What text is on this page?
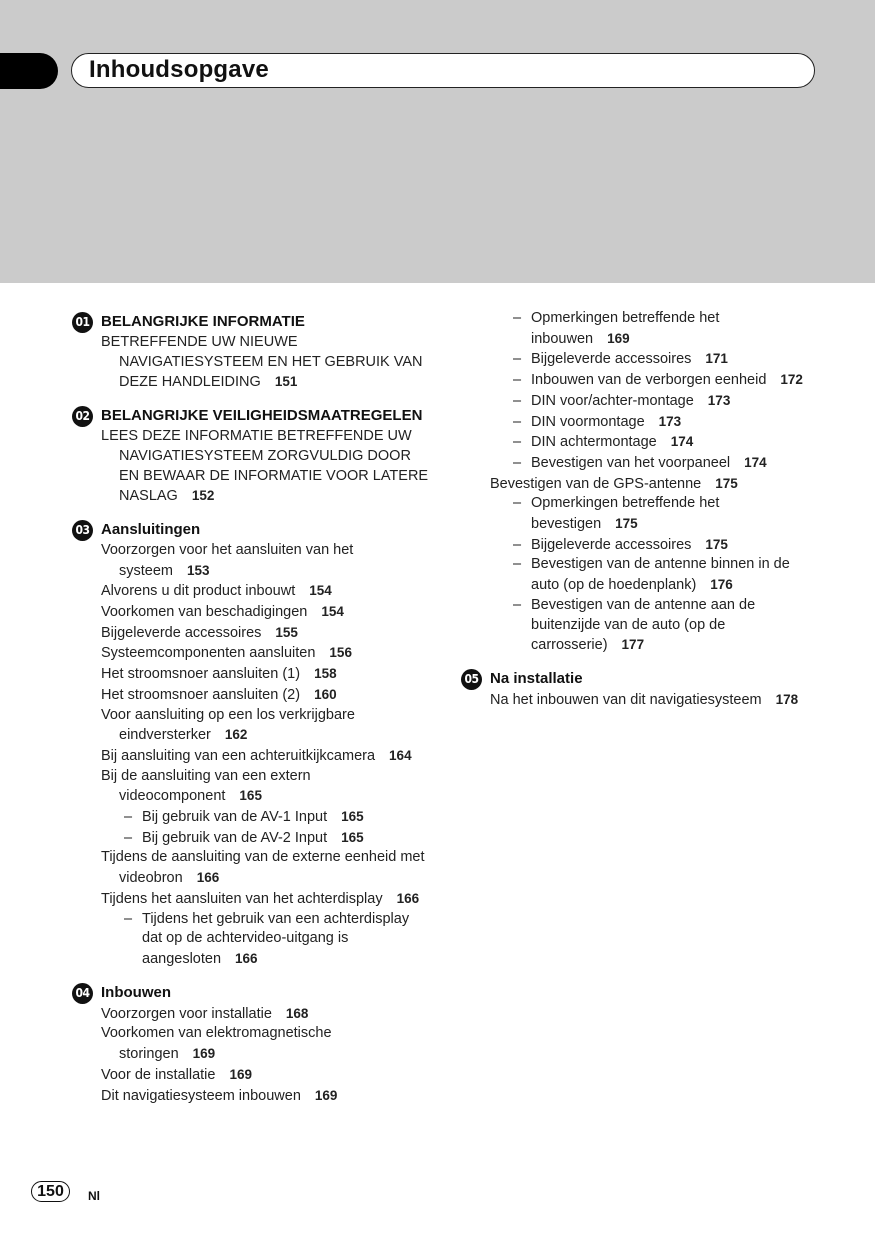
Inhoudsopgave
01 BELANGRIJKE INFORMATIE
BETREFFENDE UW NIEUWE NAVIGATIESYSTEEM EN HET GEBRUIK VAN DEZE HANDLEIDING 151
02 BELANGRIJKE VEILIGHEIDSMAATREGELEN
LEES DEZE INFORMATIE BETREFFENDE UW NAVIGATIESYSTEEM ZORGVULDIG DOOR EN BEWAAR DE INFORMATIE VOOR LATERE NASLAG 152
03 Aansluitingen
Voorzorgen voor het aansluiten van het systeem 153
Alvorens u dit product inbouwt 154
Voorkomen van beschadigingen 154
Bijgeleverde accessoires 155
Systeemcomponenten aansluiten 156
Het stroomsnoer aansluiten (1) 158
Het stroomsnoer aansluiten (2) 160
Voor aansluiting op een los verkrijgbare eindversterker 162
Bij aansluiting van een achteruitkijkcamera 164
Bij de aansluiting van een extern videocomponent 165
– Bij gebruik van de AV-1 Input 165
– Bij gebruik van de AV-2 Input 165
Tijdens de aansluiting van de externe eenheid met videobron 166
Tijdens het aansluiten van het achterdisplay 166
– Tijdens het gebruik van een achterdisplay dat op de achtervideo-uitgang is aangesloten 166
04 Inbouwen
Voorzorgen voor installatie 168
Voorkomen van elektromagnetische storingen 169
Voor de installatie 169
Dit navigatiesysteem inbouwen 169
– Opmerkingen betreffende het inbouwen 169
– Bijgeleverde accessoires 171
– Inbouwen van de verborgen eenheid 172
– DIN voor/achter-montage 173
– DIN voormontage 173
– DIN achtermontage 174
– Bevestigen van het voorpaneel 174
Bevestigen van de GPS-antenne 175
– Opmerkingen betreffende het bevestigen 175
– Bijgeleverde accessoires 175
– Bevestigen van de antenne binnen in de auto (op de hoedenplank) 176
– Bevestigen van de antenne aan de buitenzijde van de auto (op de carrosserie) 177
05 Na installatie
Na het inbouwen van dit navigatiesysteem 178
150	Nl
